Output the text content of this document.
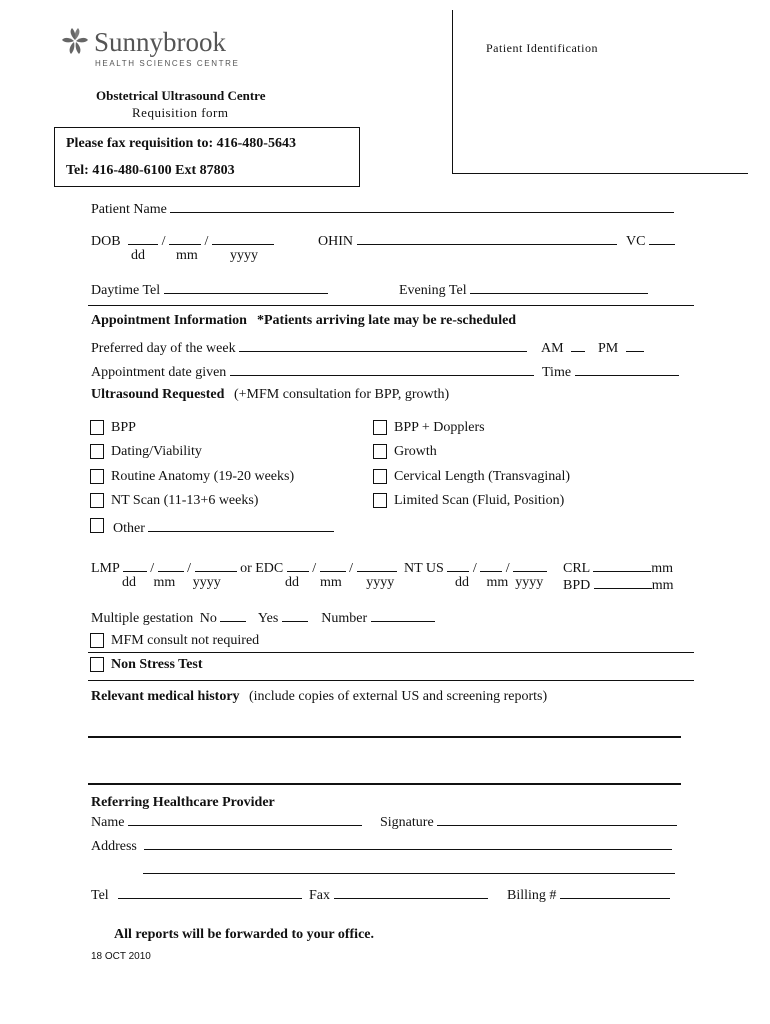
Sunnybrook
HEALTH SCIENCES CENTRE
Obstetrical Ultrasound Centre
Requisition form
Please fax requisition to: 416-480-5643
Tel: 416-480-6100 Ext 87803
Patient Identification
Patient Name
DOB	/	/
dd mm yyyy
OHIN	VC
Daytime Tel	Evening Tel
Appointment Information *Patients arriving late may be re-scheduled
Preferred day of the week	AM	PM
Appointment date given	Time
Ultrasound Requested (+MFM consultation for BPP, growth)
BPP
Dating/Viability
Routine Anatomy (19-20 weeks)
NT Scan (11-13+6 weeks)
Other
BPP + Dopplers
Growth
Cervical Length (Transvaginal)
Limited Scan (Fluid, Position)
LMP / /	or EDC / /	NT US / /	CRL	mm
dd     mm     yyyy	dd      mm       yyyy	dd     mm  yyyy BPD	mm
Multiple gestation No	Yes	Number
MFM consult not required
Non Stress Test
Relevant medical history (include copies of external US and screening reports)
Referring Healthcare Provider
Name	Signature
Address
Tel	Fax	Billing #
All reports will be forwarded to your office.
18 OCT 2010
